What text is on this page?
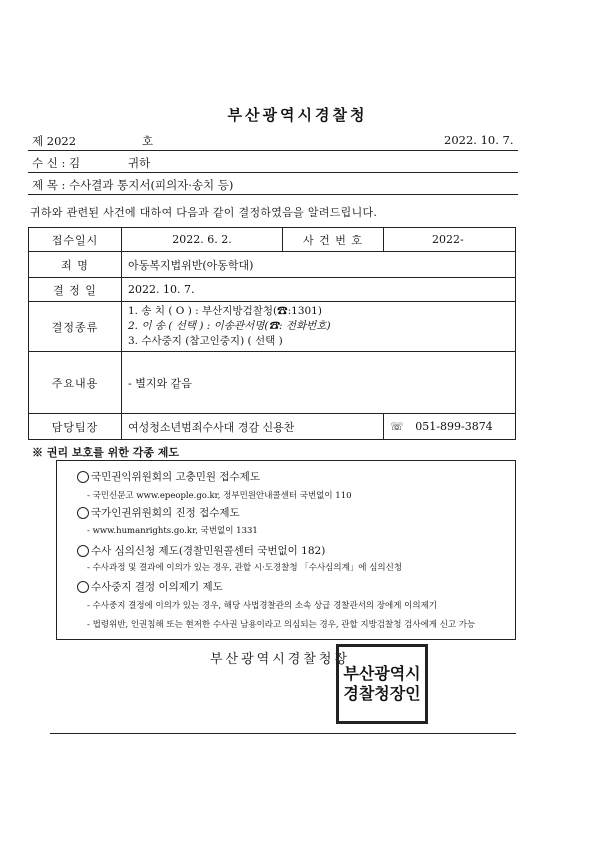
부산광역시경찰청
제 2022	호	2022. 10. 7.
수 신 : 김	귀하
제 목 : 수사결과 통지서(피의자·송치 등)
귀하와 관련된 사건에 대하여 다음과 같이 결정하였음을 알려드립니다.
접수일시	2022. 6. 2.	사 건 번 호	2022-
죄 명	아동복지법위반(아동학대)		
결 정 일	2022. 10. 7.		
결정종류	1. 송 치 ( O ) : 부산지방검찰청(☎:1301)
2. 이 송 ( 선택 ) : 이송관서명(☎: 전화번호)
3. 수사중지 (참고인중지) ( 선택 )		

주요내용	- 별지와 같음		
담당팀장	여성청소년범죄수사대 경감 신용찬		☏ 051-899-3874
※ 권리 보호를 위한 각종 제도
국민권익위원회의 고충민원 접수제도
- 국민신문고 www.epeople.go.kr, 정부민원안내콜센터 국번없이 110
국가인권위원회의 진정 접수제도
- www.humanrights.go.kr, 국번없이 1331
수사 심의신청 제도(경찰민원콜센터 국번없이 182)
- 수사과정 및 결과에 이의가 있는 경우, 관할 시·도경찰청 「수사심의계」에 심의신청
수사중지 결정 이의제기 제도
- 수사중지 결정에 이의가 있는 경우, 해당 사법경찰관의 소속 상급 경찰관서의 장에게 이의제기
- 법령위반, 인권침해 또는 현저한 수사권 남용이라고 의심되는 경우, 관할 지방검찰청 검사에게 신고 가능
부산광역시경찰청장
부산광역시
경찰청장인
